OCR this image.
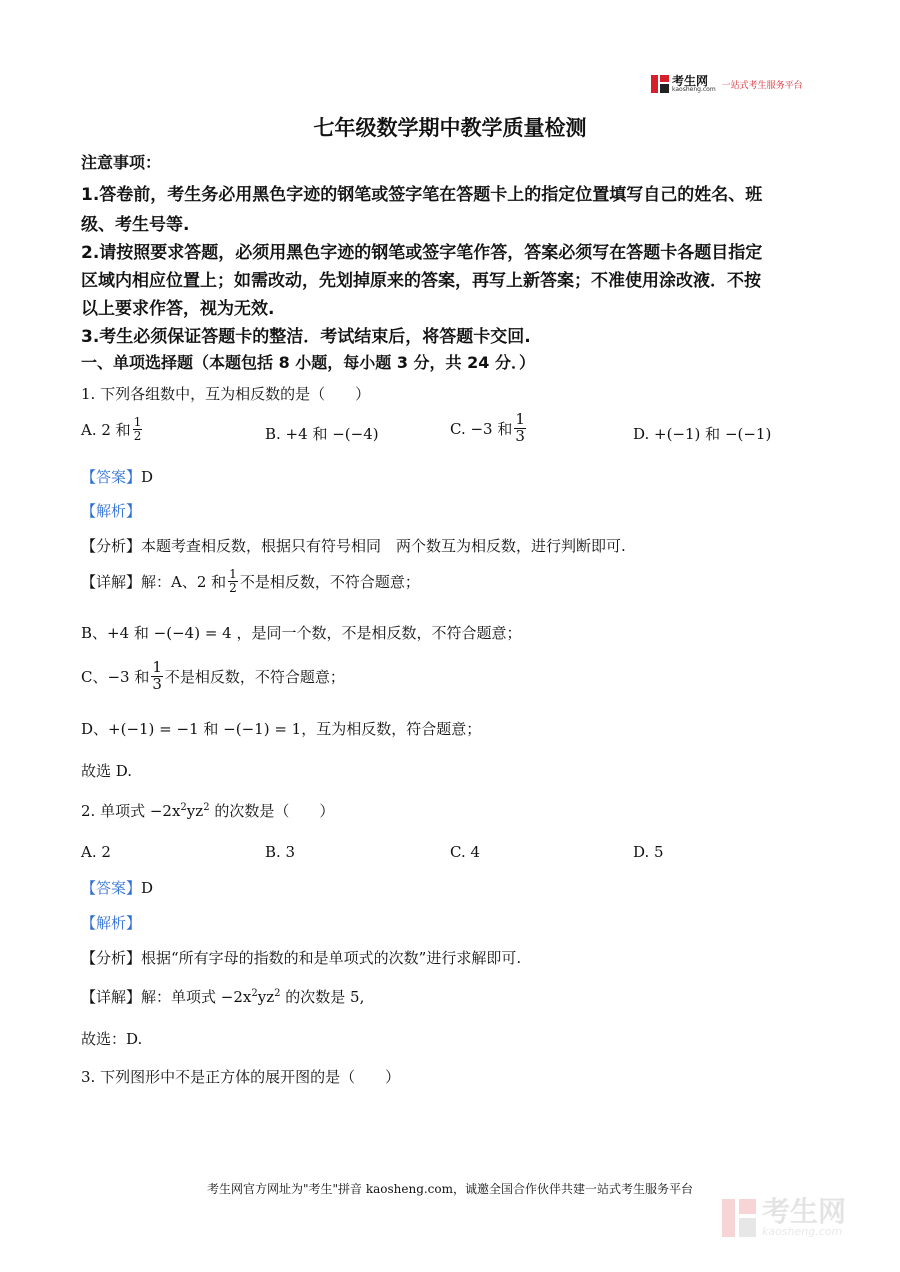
考生网
kaosheng.com 一站式考生服务平台
七年级数学期中教学质量检测
注意事项：
1.答卷前，考生务必用黑色字迹的钢笔或签字笔在答题卡上的指定位置填写自己的姓名、班
级、考生号等.
2.请按照要求答题，必须用黑色字迹的钢笔或签字笔作答，答案必须写在答题卡各题目指定
区域内相应位置上；如需改动，先划掉原来的答案，再写上新答案；不准使用涂改液．不按
以上要求作答，视为无效.
3.考生必须保证答题卡的整洁．考试结束后，将答题卡交回.
一、单项选择题（本题包括 8 小题，每小题 3 分，共 24 分．）
1. 下列各组数中，互为相反数的是（　　）
A. 2 和 $\frac{1}{2}$	B. +4 和 −(−4)	C. −3 和 $\frac{1}{3}$	D. +(−1) 和 −(−1)
【答案】D
【解析】
【分析】本题考查相反数，根据只有符号相同　两个数互为相反数，进行判断即可.
【详解】 解：A、2 和 $\frac{1}{2}$ 不是相反数，不符合题意；
B、+4 和 −(−4) = 4 ，是同一个数，不是相反数，不符合题意；
C、−3 和 $\frac{1}{3}$ 不是相反数，不符合题意；
D、+(−1) = −1 和 −(−1) = 1，互为相反数，符合题意；
故选 D.
2. 单项式 $-2x^2yz^2$ 的次数是（　　）
A. 2	B. 3	C. 4	D. 5
【答案】D
【解析】
【分析】根据“所有字母的指数的和是单项式的次数”进行求解即可.
【详解】解：单项式 $-2x^2yz^2$ 的次数是 5,
故选：D.
3. 下列图形中不是正方体的展开图的是（　　）
考生网官方网址为"考生"拼音 kaosheng.com，诚邀全国合作伙伴共建一站式考生服务平台
考生网
kaosheng.com
